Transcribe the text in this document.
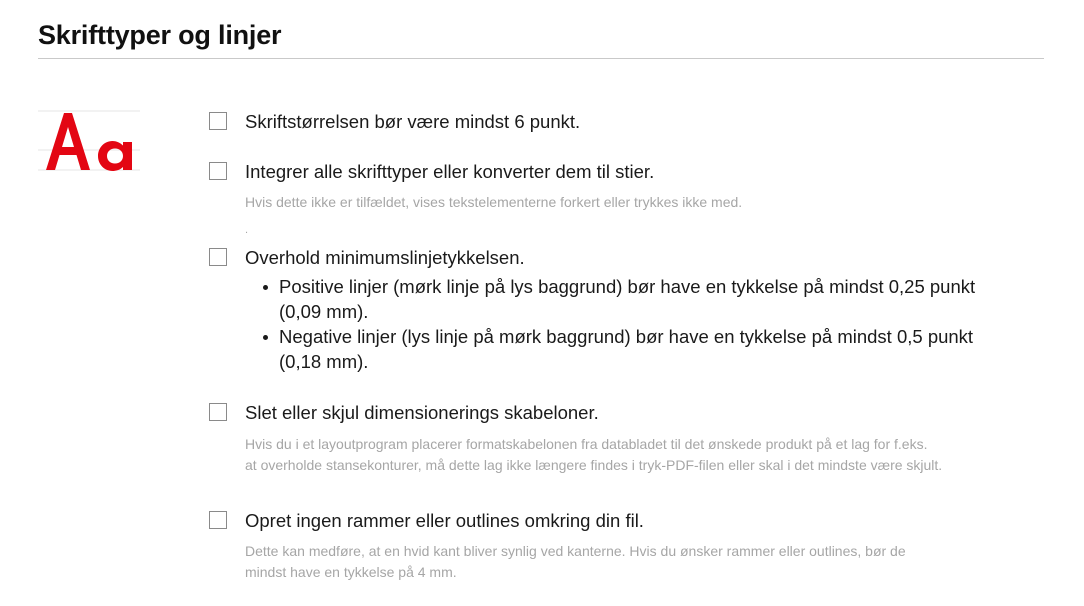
Skrifttyper og linjer
Skriftstørrelsen bør være mindst 6 punkt.
Integrer alle skrifttyper eller konverter dem til stier.
Hvis dette ikke er tilfældet, vises tekstelementerne forkert eller trykkes ikke med.
.
Overhold minimumslinjetykkelsen.
Positive linjer (mørk linje på lys baggrund) bør have en tykkelse på mindst 0,25 punkt
(0,09 mm).
Negative linjer (lys linje på mørk baggrund) bør have en tykkelse på mindst 0,5 punkt
(0,18 mm).
Slet eller skjul dimensionerings skabeloner.
Hvis du i et layoutprogram placerer formatskabelonen fra databladet til det ønskede produkt på et lag for f.eks.
at overholde stansekonturer, må dette lag ikke længere findes i tryk-PDF-filen eller skal i det mindste være skjult.
Opret ingen rammer eller outlines omkring din fil.
Dette kan medføre, at en hvid kant bliver synlig ved kanterne. Hvis du ønsker rammer eller outlines, bør de
mindst have en tykkelse på 4 mm.
